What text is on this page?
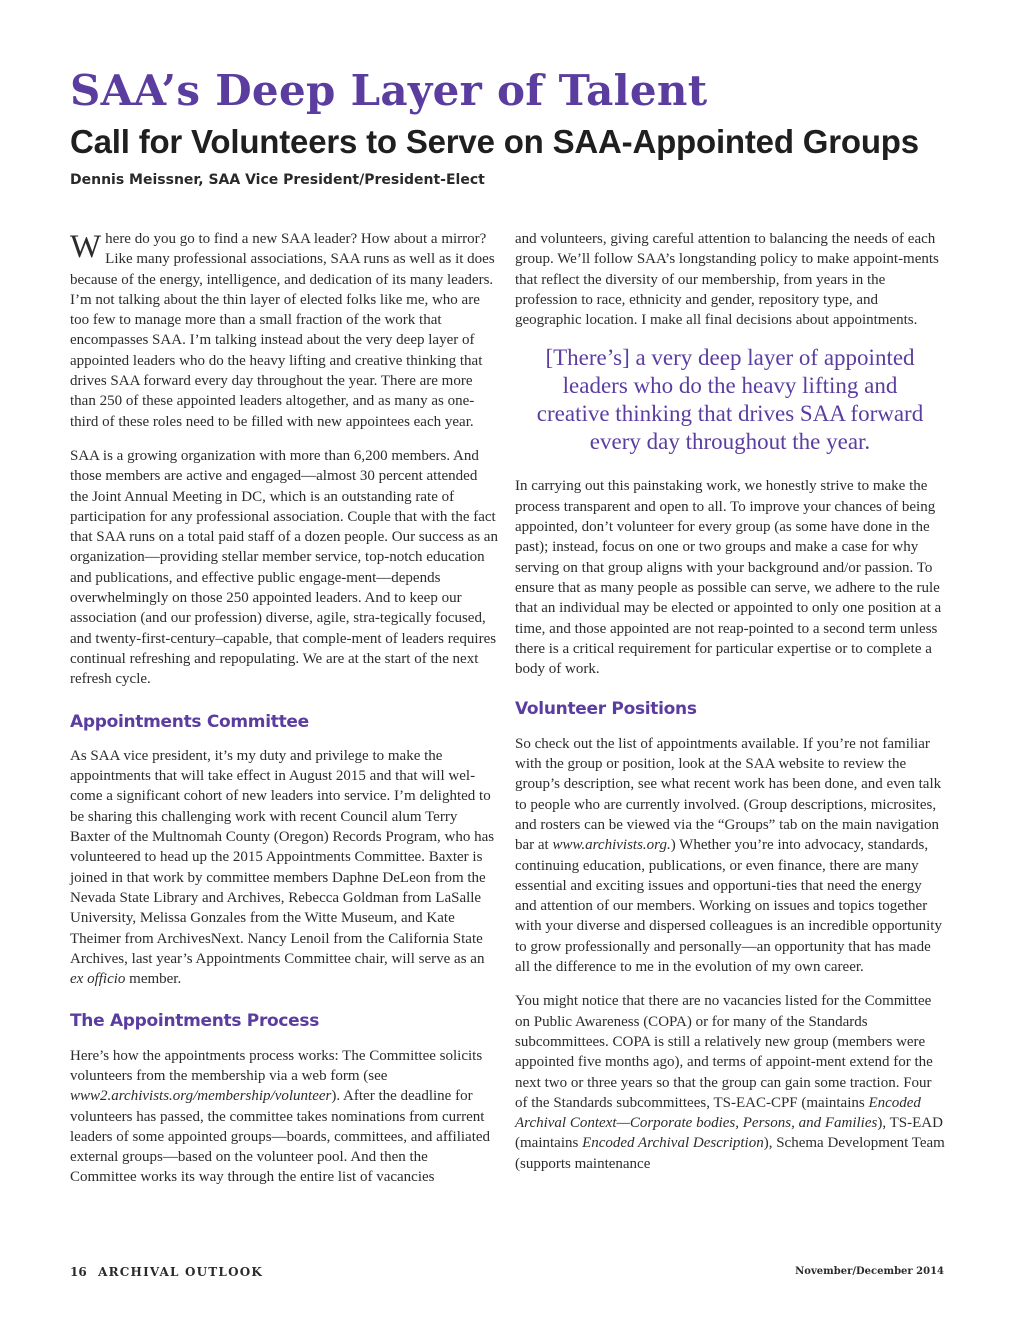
SAA’s Deep Layer of Talent
Call for Volunteers to Serve on SAA-Appointed Groups
Dennis Meissner, SAA Vice President/President-Elect

Where do you go to find a new SAA leader? How about a mirror? Like many professional associations, SAA runs as well as it does because of the energy, intelligence, and dedication of its many leaders. I’m not talking about the thin layer of elected folks like me, who are too few to manage more than a small fraction of the work that encompasses SAA. I’m talking instead about the very deep layer of appointed leaders who do the heavy lifting and creative thinking that drives SAA forward every day throughout the year. There are more than 250 of these appointed leaders altogether, and as many as one-third of these roles need to be filled with new appointees each year.

SAA is a growing organization with more than 6,200 members. And those members are active and engaged—almost 30 percent attended the Joint Annual Meeting in DC, which is an outstanding rate of participation for any professional association. Couple that with the fact that SAA runs on a total paid staff of a dozen people. Our success as an organization—providing stellar member service, top-notch education and publications, and effective public engage-ment—depends overwhelmingly on those 250 appointed leaders. And to keep our association (and our profession) diverse, agile, stra-tegically focused, and twenty-first-century–capable, that comple-ment of leaders requires continual refreshing and repopulating. We are at the start of the next refresh cycle.

Appointments Committee

As SAA vice president, it’s my duty and privilege to make the appointments that will take effect in August 2015 and that will wel-come a significant cohort of new leaders into service. I’m delighted to be sharing this challenging work with recent Council alum Terry Baxter of the Multnomah County (Oregon) Records Program, who has volunteered to head up the 2015 Appointments Committee. Baxter is joined in that work by committee members Daphne DeLeon from the Nevada State Library and Archives, Rebecca Goldman from LaSalle University, Melissa Gonzales from the Witte Museum, and Kate Theimer from ArchivesNext. Nancy Lenoil from the California State Archives, last year’s Appointments Committee chair, will serve as an ex officio member.

The Appointments Process

Here’s how the appointments process works: The Committee solicits volunteers from the membership via a web form (see www2.archivists.org/membership/volunteer). After the deadline for volunteers has passed, the committee takes nominations from current leaders of some appointed groups—boards, committees, and affiliated external groups—based on the volunteer pool. And then the Committee works its way through the entire list of vacancies

and volunteers, giving careful attention to balancing the needs of each group. We’ll follow SAA’s longstanding policy to make appoint-ments that reflect the diversity of our membership, from years in the profession to race, ethnicity and gender, repository type, and geographic location. I make all final decisions about appointments.

[There’s] a very deep layer of appointed leaders who do the heavy lifting and creative thinking that drives SAA forward every day throughout the year.

In carrying out this painstaking work, we honestly strive to make the process transparent and open to all. To improve your chances of being appointed, don’t volunteer for every group (as some have done in the past); instead, focus on one or two groups and make a case for why serving on that group aligns with your background and/or passion. To ensure that as many people as possible can serve, we adhere to the rule that an individual may be elected or appointed to only one position at a time, and those appointed are not reap-pointed to a second term unless there is a critical requirement for particular expertise or to complete a body of work.

Volunteer Positions

So check out the list of appointments available. If you’re not familiar with the group or position, look at the SAA website to review the group’s description, see what recent work has been done, and even talk to people who are currently involved. (Group descriptions, microsites, and rosters can be viewed via the “Groups” tab on the main navigation bar at www.archivists.org.) Whether you’re into advocacy, standards, continuing education, publications, or even finance, there are many essential and exciting issues and opportuni-ties that need the energy and attention of our members. Working on issues and topics together with your diverse and dispersed colleagues is an incredible opportunity to grow professionally and personally—an opportunity that has made all the difference to me in the evolution of my own career.

You might notice that there are no vacancies listed for the Committee on Public Awareness (COPA) or for many of the Standards subcommittees. COPA is still a relatively new group (members were appointed five months ago), and terms of appoint-ment extend for the next two or three years so that the group can gain some traction. Four of the Standards subcommittees, TS-EAC-CPF (maintains Encoded Archival Context—Corporate bodies, Persons, and Families), TS-EAD (maintains Encoded Archival Description), Schema Development Team (supports maintenance

16 ARCHIVAL OUTLOOK	November/December 2014
